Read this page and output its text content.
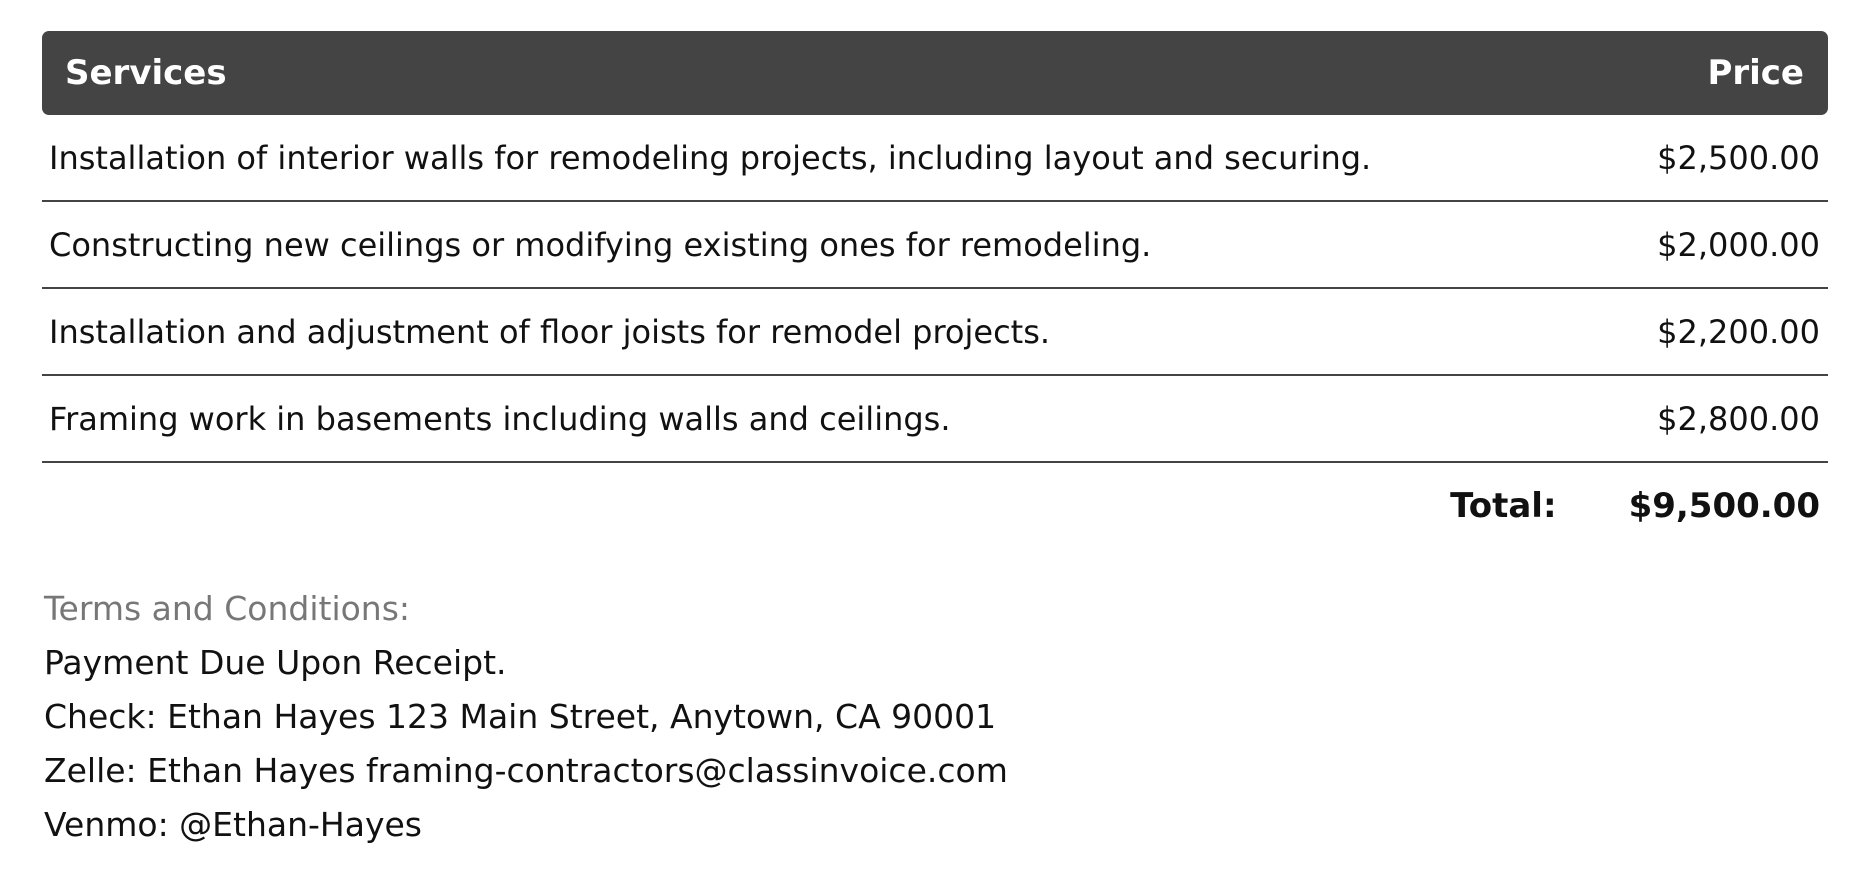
Services	Price
Installation of interior walls for remodeling projects, including layout and securing.	$2,500.00
Constructing new ceilings or modifying existing ones for remodeling.	$2,000.00
Installation and adjustment of floor joists for remodel projects.	$2,200.00
Framing work in basements including walls and ceilings.	$2,800.00
Total: $9,500.00
Terms and Conditions:
Payment Due Upon Receipt.
Check: Ethan Hayes 123 Main Street, Anytown, CA 90001
Zelle: Ethan Hayes framing-contractors@classinvoice.com
Venmo: @Ethan-Hayes
